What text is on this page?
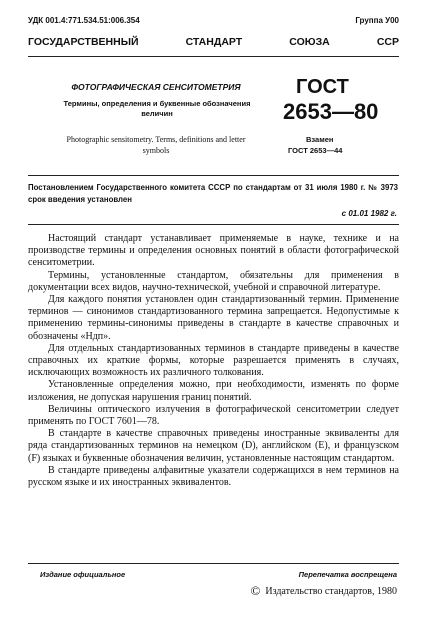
УДК 001.4:771.534.51:006.354	Группа У00
ГОСУДАРСТВЕННЫЙ	СТАНДАРТ	СОЮЗА	ССР
ФОТОГРАФИЧЕСКАЯ СЕНСИТОМЕТРИЯ
Термины, определения и буквенные обозначения величин
Photographic sensitometry. Terms, definitions and letter symbols
ГОСТ
2653—80
Взамен
ГОСТ 2653—44
Постановлением Государственного комитета СССР по стандартам от 31 июля 1980 г. № 3973 срок введения установлен
с 01.01 1982 г.

Настоящий стандарт устанавливает применяемые в науке, технике и на производстве термины и определения основных понятий в области фотографической сенситометрии.

Термины, установленные стандартом, обязательны для применения в документации всех видов, научно-технической, учебной и справочной литературе.

Для каждого понятия установлен один стандартизованный термин. Применение терминов — синонимов стандартизованного термина запрещается. Недопустимые к применению термины-синонимы приведены в стандарте в качестве справочных и обозначены «Ндп».

Для отдельных стандартизованных терминов в стандарте приведены в качестве справочных их краткие формы, которые разрешается применять в случаях, исключающих возможность их различного толкования.

Установленные определения можно, при необходимости, изменять по форме изложения, не допуская нарушения границ понятий.

Величины оптического излучения в фотографической сенситометрии следует применять по ГОСТ 7601—78.

В стандарте в качестве справочных приведены иностранные эквиваленты для ряда стандартизованных терминов на немецком (D), английском (E), и французском (F) языках и буквенные обозначения величин, установленные настоящим стандартом.

В стандарте приведены алфавитные указатели содержащихся в нем терминов на русском языке и их иностранных эквивалентов.

Издание официальное	Перепечатка воспрещена
© Издательство стандартов, 1980
